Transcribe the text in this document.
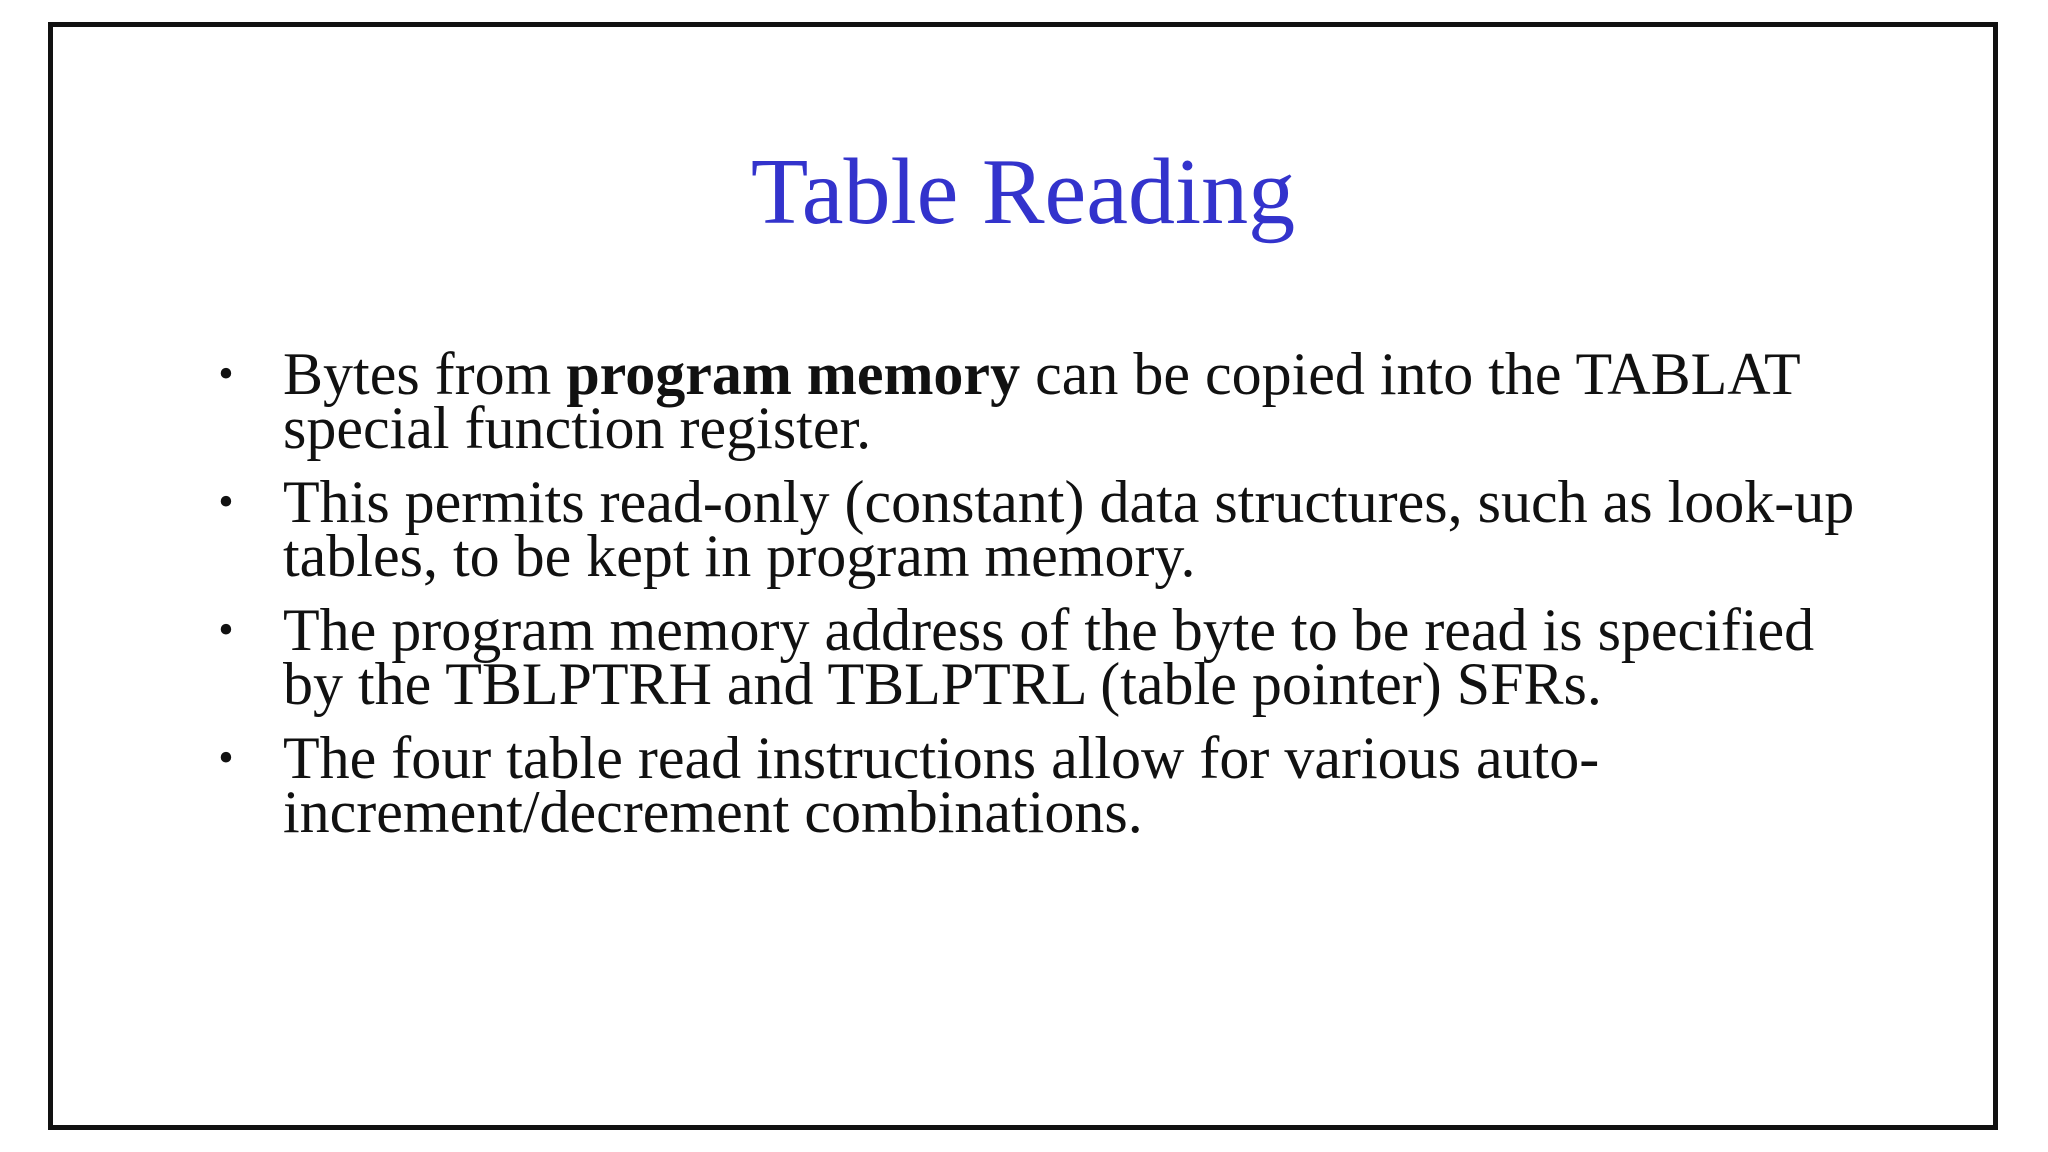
Table Reading
• Bytes from program memory can be copied into the TABLAT special function register.
• This permits read-only (constant) data structures, such as look-up tables, to be kept in program memory.
• The program memory address of the byte to be read is specified by the TBLPTRH and TBLPTRL (table pointer) SFRs.
• The four table read instructions allow for various auto-increment/decrement combinations.
